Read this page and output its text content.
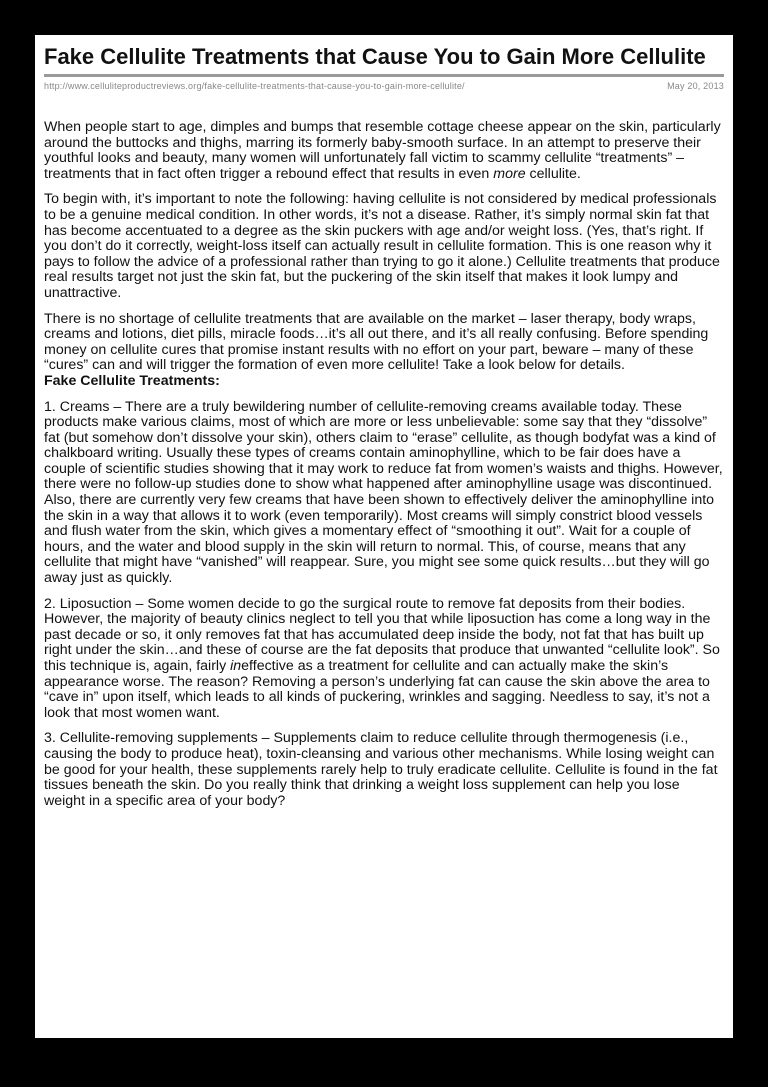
Fake Cellulite Treatments that Cause You to Gain More Cellulite
http://www.celluliteproductreviews.org/fake-cellulite-treatments-that-cause-you-to-gain-more-cellulite/	May 20, 2013

When people start to age, dimples and bumps that resemble cottage cheese appear on the skin, particularly around the buttocks and thighs, marring its formerly baby-smooth surface. In an attempt to preserve their youthful looks and beauty, many women will unfortunately fall victim to scammy cellulite “treatments” – treatments that in fact often trigger a rebound effect that results in even more cellulite.

To begin with, it’s important to note the following: having cellulite is not considered by medical professionals to be a genuine medical condition. In other words, it’s not a disease. Rather, it’s simply normal skin fat that has become accentuated to a degree as the skin puckers with age and/or weight loss. (Yes, that’s right. If you don’t do it correctly, weight-loss itself can actually result in cellulite formation. This is one reason why it pays to follow the advice of a professional rather than trying to go it alone.) Cellulite treatments that produce real results target not just the skin fat, but the puckering of the skin itself that makes it look lumpy and unattractive.

There is no shortage of cellulite treatments that are available on the market – laser therapy, body wraps, creams and lotions, diet pills, miracle foods…it’s all out there, and it’s all really confusing. Before spending money on cellulite cures that promise instant results with no effort on your part, beware – many of these “cures” can and will trigger the formation of even more cellulite! Take a look below for details.

Fake Cellulite Treatments:

1. Creams – There are a truly bewildering number of cellulite-removing creams available today. These products make various claims, most of which are more or less unbelievable: some say that they “dissolve” fat (but somehow don’t dissolve your skin), others claim to “erase” cellulite, as though bodyfat was a kind of chalkboard writing. Usually these types of creams contain aminophylline, which to be fair does have a couple of scientific studies showing that it may work to reduce fat from women’s waists and thighs. However, there were no follow-up studies done to show what happened after aminophylline usage was discontinued. Also, there are currently very few creams that have been shown to effectively deliver the aminophylline into the skin in a way that allows it to work (even temporarily). Most creams will simply constrict blood vessels and flush water from the skin, which gives a momentary effect of “smoothing it out”. Wait for a couple of hours, and the water and blood supply in the skin will return to normal. This, of course, means that any cellulite that might have “vanished” will reappear. Sure, you might see some quick results…but they will go away just as quickly.

2. Liposuction – Some women decide to go the surgical route to remove fat deposits from their bodies. However, the majority of beauty clinics neglect to tell you that while liposuction has come a long way in the past decade or so, it only removes fat that has accumulated deep inside the body, not fat that has built up right under the skin…and these of course are the fat deposits that produce that unwanted “cellulite look”. So this technique is, again, fairly ineffective as a treatment for cellulite and can actually make the skin’s appearance worse. The reason? Removing a person’s underlying fat can cause the skin above the area to “cave in” upon itself, which leads to all kinds of puckering, wrinkles and sagging. Needless to say, it’s not a look that most women want.

3. Cellulite-removing supplements – Supplements claim to reduce cellulite through thermogenesis (i.e., causing the body to produce heat), toxin-cleansing and various other mechanisms. While losing weight can be good for your health, these supplements rarely help to truly eradicate cellulite. Cellulite is found in the fat tissues beneath the skin. Do you really think that drinking a weight loss supplement can help you lose weight in a specific area of your body?
